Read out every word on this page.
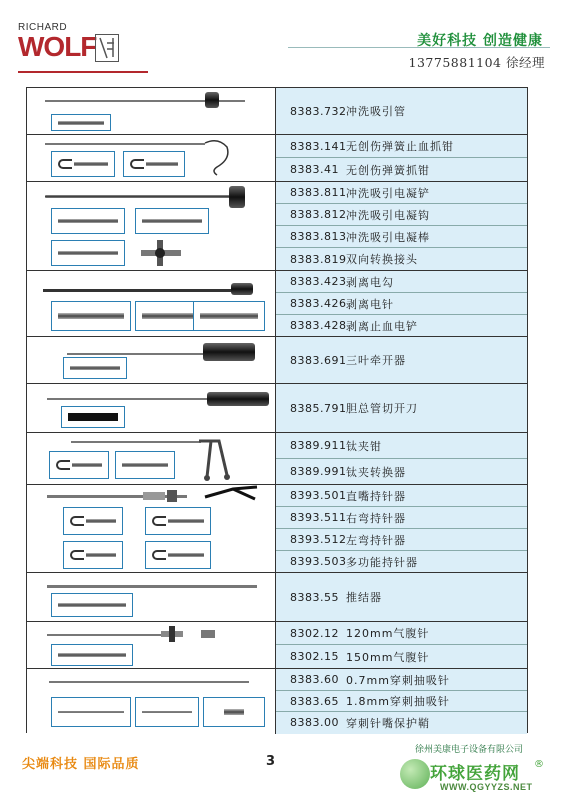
RICHARD
WOLF	美好科技 创造健康
13775881104 徐经理
8383.732 冲洗吸引管
8383.141 无创伤弹簧止血抓钳
8383.41 无创伤弹簧抓钳
8383.811 冲洗吸引电凝铲
8383.812 冲洗吸引电凝钩
8383.813 冲洗吸引电凝棒
8383.819 双向转换接头
8383.423 剥离电勾
8383.426 剥离电针
8383.428 剥离止血电铲
8383.691 三叶牵开器
8385.791 胆总管切开刀
8389.911 钛夹钳
8389.991 钛夹转换器
8393.501 直嘴持针器
8393.511 右弯持针器
8393.512 左弯持针器
8393.503 多功能持针器
8383.55 推结器
8302.12 120mm气腹针
8302.15 150mm气腹针
8383.60 0.7mm穿刺抽吸针
8383.65 1.8mm穿刺抽吸针
8383.00 穿刺针嘴保护鞘
尖端科技 国际品质	3
徐州美康电子设备有限公司
环球医药网 ®
WWW.QGYYZS.NET
